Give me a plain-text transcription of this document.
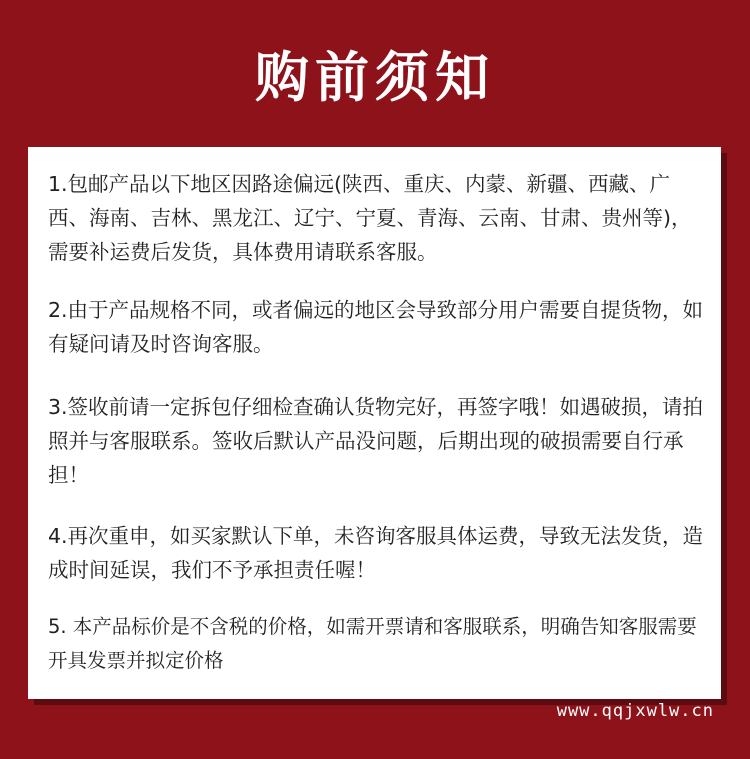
购前须知

1.包邮产品以下地区因路途偏远(陕西、重庆、内蒙、新疆、西藏、广西、海南、吉林、黑龙江、辽宁、宁夏、青海、云南、甘肃、贵州等)，需要补运费后发货，具体费用请联系客服。

2.由于产品规格不同，或者偏远的地区会导致部分用户需要自提货物，如有疑问请及时咨询客服。

3.签收前请一定拆包仔细检查确认货物完好，再签字哦！如遇破损，请拍照并与客服联系。签收后默认产品没问题，后期出现的破损需要自行承担！

4.再次重申，如买家默认下单，未咨询客服具体运费，导致无法发货，造成时间延误，我们不予承担责任喔！

5. 本产品标价是不含税的价格，如需开票请和客服联系，明确告知客服需要开具发票并拟定价格

www.qqjxwlw.cn
